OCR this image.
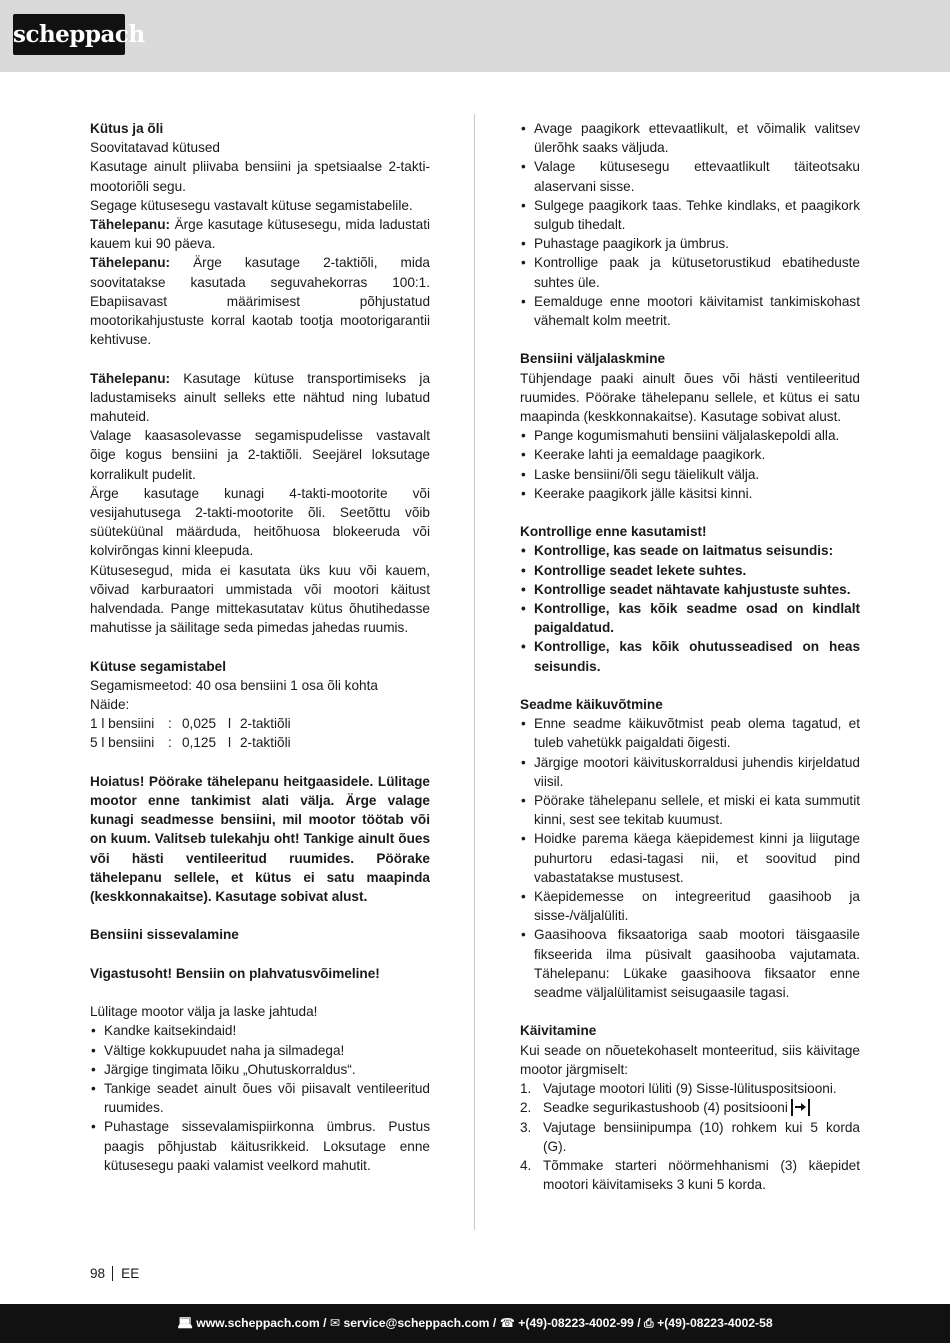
scheppach

Kütus ja õli

Soovitatavad kütused

Kasutage ainult pliivaba bensiini ja spetsiaalse 2-takti-mootoriõli segu.

Segage kütusesegu vastavalt kütuse segamistabelile.

Tähelepanu: Ärge kasutage kütusesegu, mida ladustati kauem kui 90 päeva.

Tähelepanu: Ärge kasutage 2-taktiõli, mida soovitatakse kasutada seguvahekorras 100:1. Ebapiisavast määrimisest põhjustatud mootorikahjustuste korral kaotab tootja mootorigarantii kehtivuse.

Tähelepanu: Kasutage kütuse transportimiseks ja ladustamiseks ainult selleks ette nähtud ning lubatud mahuteid.

Valage kaasasolevasse segamispudelisse vastavalt õige kogus bensiini ja 2-taktiõli. Seejärel loksutage korralikult pudelit.

Ärge kasutage kunagi 4-takti-mootorite või vesijahutusega 2-takti-mootorite õli. Seetõttu võib süüteküünal määrduda, heitõhuosa blokeeruda või kolvirõngas kinni kleepuda.

Kütusesegud, mida ei kasutata üks kuu või kauem, võivad karburaatori ummistada või mootori käitust halvendada. Pange mittekasutatav kütus õhutihedasse mahutisse ja säilitage seda pimedas jahedas ruumis.

Kütuse segamistabel

Segamismeetod: 40 osa bensiini 1 osa õli kohta

Näide:

1 l bensiini	: 0,025 l 2-taktiõli
5 l bensiini	: 0,125 l 2-taktiõli

Hoiatus! Pöörake tähelepanu heitgaasidele. Lülitage mootor enne tankimist alati välja. Ärge valage kunagi seadmesse bensiini, mil mootor töötab või on kuum. Valitseb tulekahju oht! Tankige ainult õues või hästi ventileeritud ruumides. Pöörake tähelepanu sellele, et kütus ei satu maapinda (keskkonnakaitse). Kasutage sobivat alust.

Bensiini sissevalamine

Vigastusoht! Bensiin on plahvatusvõimeline!

Lülitage mootor välja ja laske jahtuda!

• Kandke kaitsekindaid!
• Vältige kokkupuudet naha ja silmadega!
• Järgige tingimata lõiku „Ohutuskorraldus“.
• Tankige seadet ainult õues või piisavalt ventileeritud ruumides.
• Puhastage sissevalamispiirkonna ümbrus. Pustus paagis põhjustab käitusrikkeid. Loksutage enne kütusesegu paaki valamist veelkord mahutit.
• Avage paagikork ettevaatlikult, et võimalik valitsev ülerõhk saaks väljuda.
• Valage kütusesegu ettevaatlikult täiteotsaku alaservani sisse.
• Sulgege paagikork taas. Tehke kindlaks, et paagikork sulgub tihedalt.
• Puhastage paagikork ja ümbrus.
• Kontrollige paak ja kütusetorustikud ebatiheduste suhtes üle.
• Eemalduge enne mootori käivitamist tankimiskohast vähemalt kolm meetrit.

Bensiini väljalaskmine

Tühjendage paaki ainult õues või hästi ventileeritud ruumides. Pöörake tähelepanu sellele, et kütus ei satu maapinda (keskkonnakaitse). Kasutage sobivat alust.

• Pange kogumismahuti bensiini väljalaskepoldi alla.
• Keerake lahti ja eemaldage paagikork.
• Laske bensiini/õli segu täielikult välja.
• Keerake paagikork jälle käsitsi kinni.

Kontrollige enne kasutamist!

• Kontrollige, kas seade on laitmatus seisundis:
• Kontrollige seadet lekete suhtes.
• Kontrollige seadet nähtavate kahjustuste suhtes.
• Kontrollige, kas kõik seadme osad on kindlalt paigaldatud.
• Kontrollige, kas kõik ohutusseadised on heas seisundis.

Seadme käikuvõtmine

• Enne seadme käikuvõtmist peab olema tagatud, et tuleb vahetükk paigaldati õigesti.
• Järgige mootori käivituskorraldusi juhendis kirjeldatud viisil.
• Pöörake tähelepanu sellele, et miski ei kata summutit kinni, sest see tekitab kuumust.
• Hoidke parema käega käepidemest kinni ja liigutage puhurtoru edasi-tagasi nii, et soovitud pind vabastatakse mustusest.
• Käepidemesse on integreeritud gaasihoob ja sisse-/väljalüliti.
• Gaasihoova fiksaatoriga saab mootori täisgaasile fikseerida ilma püsivalt gaasihooba vajutamata. Tähelepanu: Lükake gaasihoova fiksaator enne seadme väljalülitamist seisugaasile tagasi.

Käivitamine

Kui seade on nõuetekohaselt monteeritud, siis käivitage mootor järgmiselt:

1. Vajutage mootori lüliti (9) Sisse-lülituspositsiooni.
2. Seadke segurikastushoob (4) positsiooni
3. Vajutage bensiinipumpa (10) rohkem kui 5 korda (G).
4. Tõmmake starteri nöörmehhanismi (3) käepidet mootori käivitamiseks 3 kuni 5 korda.
98 EE
💻︎ www.scheppach.com / ✉ service@scheppach.com / ☎ +(49)-08223-4002-99 / ⎙ +(49)-08223-4002-58
